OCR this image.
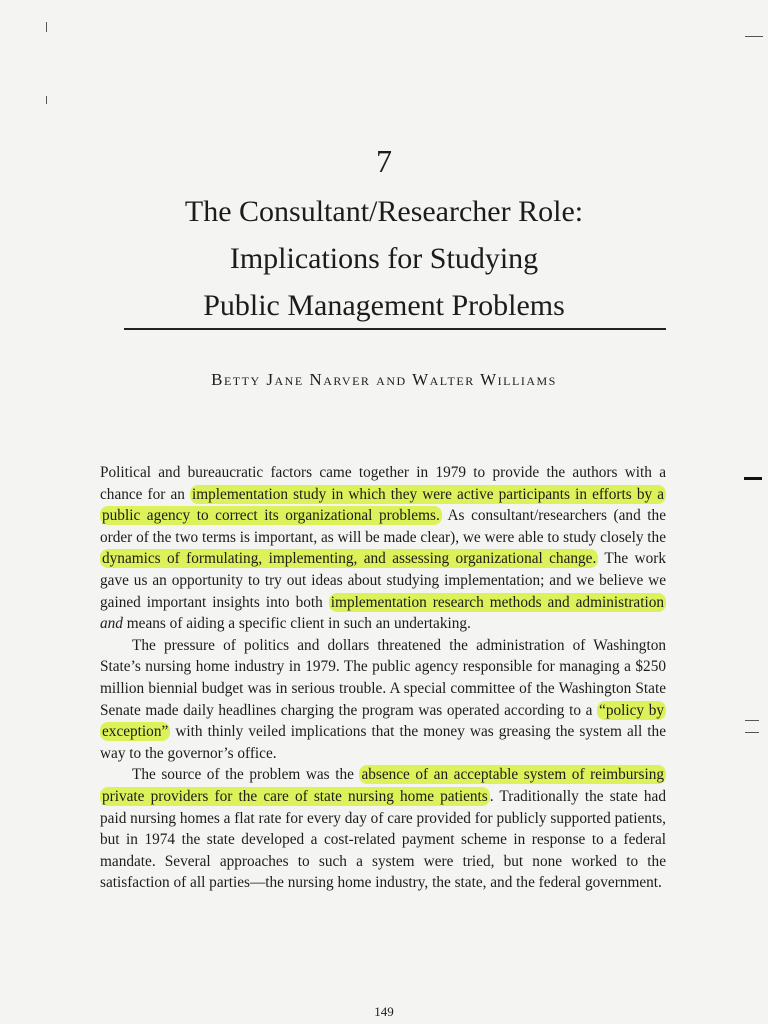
7
The Consultant/Researcher Role:
Implications for Studying
Public Management Problems
Betty Jane Narver and Walter Williams

Political and bureaucratic factors came together in 1979 to provide the authors with a chance for an implementation study in which they were active participants in efforts by a public agency to correct its organizational problems. As consultant/researchers (and the order of the two terms is important, as will be made clear), we were able to study closely the dynamics of formulating, implementing, and assessing organizational change. The work gave us an opportunity to try out ideas about studying implementation; and we believe we gained important insights into both implementation research methods and administration and means of aiding a specific client in such an undertaking.

The pressure of politics and dollars threatened the administration of Washington State’s nursing home industry in 1979. The public agency responsible for managing a $250 million biennial budget was in serious trouble. A special committee of the Washington State Senate made daily headlines charging the program was operated according to a “policy by exception” with thinly veiled implications that the money was greasing the system all the way to the governor’s office.

The source of the problem was the absence of an acceptable system of reimbursing private providers for the care of state nursing home patients . Traditionally the state had paid nursing homes a flat rate for every day of care provided for publicly supported patients, but in 1974 the state developed a cost-related payment scheme in response to a federal mandate. Several approaches to such a system were tried, but none worked to the satisfaction of all parties—the nursing home industry, the state, and the federal government.

149
